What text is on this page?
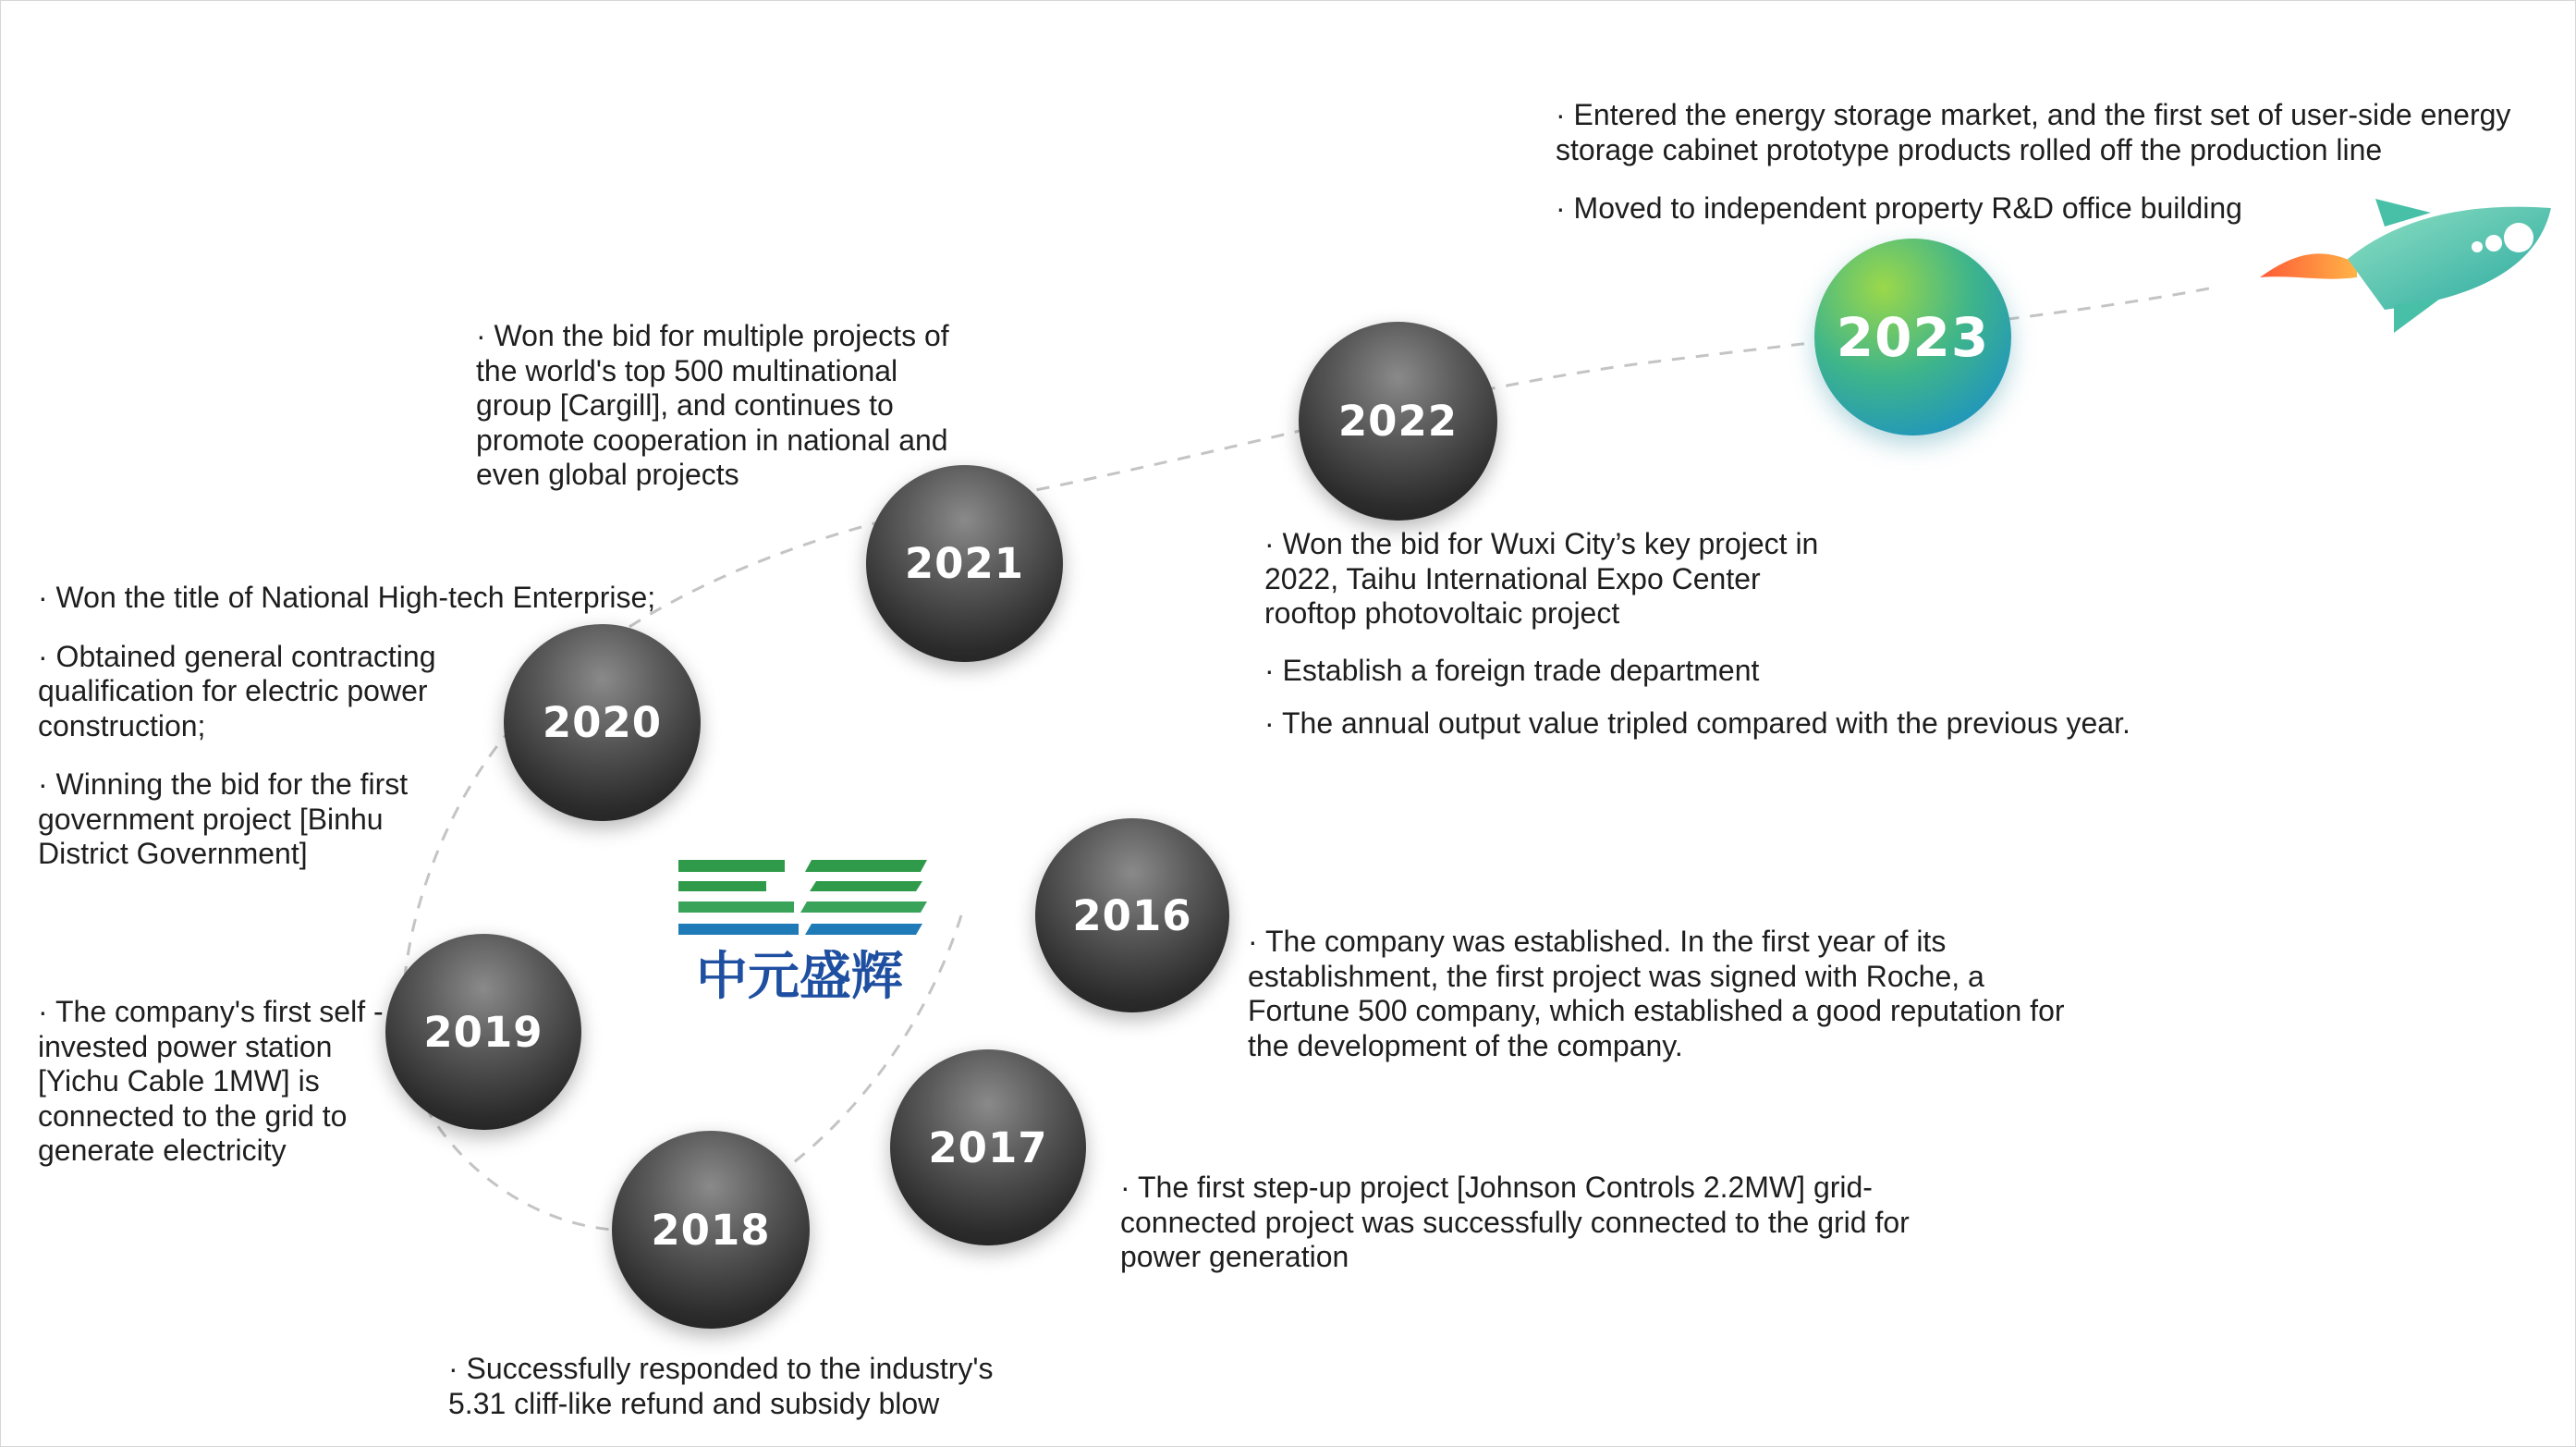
2016
2017
2018
2019
2020
2021
2022
2023

· Entered the energy storage market, and the first set of user-side energy storage cabinet prototype products rolled off the production line

· Moved to independent property R&D office building

· Won the bid for multiple projects of the world's top 500 multinational group [Cargill], and continues to promote cooperation in national and even global projects

· Won the bid for Wuxi City’s key project in 2022, Taihu International Expo Center rooftop photovoltaic project

· Establish a foreign trade department

· The annual output value tripled compared with the previous year.

· Won the title of National High-tech Enterprise;

· Obtained general contracting qualification for electric power construction;

· Winning the bid for the first government project [Binhu District Government]

· The company was established. In the first year of its establishment, the first project was signed with Roche, a Fortune 500 company, which established a good reputation for the development of the company.

· The company's first self -invested power station [Yichu Cable 1MW] is connected to the grid to generate electricity

· The first step-up project [Johnson Controls 2.2MW] grid-connected project was successfully connected to the grid for power generation

· Successfully responded to the industry's 5.31 cliff-like refund and subsidy blow

中元盛辉
